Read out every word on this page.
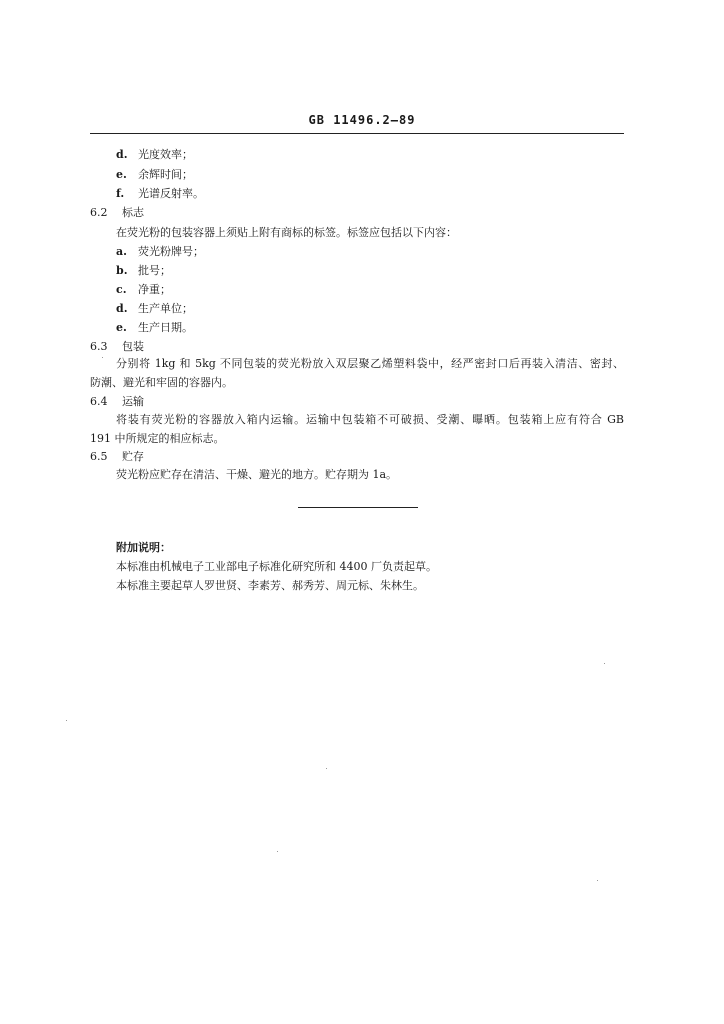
GB 11496.2—89
d. 光度效率；
e. 余辉时间；
f. 光谱反射率。
6.2 标志
在荧光粉的包装容器上须贴上附有商标的标签。标签应包括以下内容：
a. 荧光粉牌号；
b. 批号；
c. 净重；
d. 生产单位；
e. 生产日期。
6.3 包装
分别将 1kg 和 5kg 不同包装的荧光粉放入双层聚乙烯塑料袋中，经严密封口后再装入清洁、密封、
防潮、避光和牢固的容器内。
6.4 运输
将装有荧光粉的容器放入箱内运输。运输中包装箱不可破损、受潮、曝晒。包装箱上应有符合 GB
191 中所规定的相应标志。
6.5 贮存
荧光粉应贮存在清洁、干燥、避光的地方。贮存期为 1a。
附加说明：
本标准由机械电子工业部电子标准化研究所和 4400 厂负责起草。
本标准主要起草人罗世贤、李素芳、郝秀芳、周元标、朱林生。
